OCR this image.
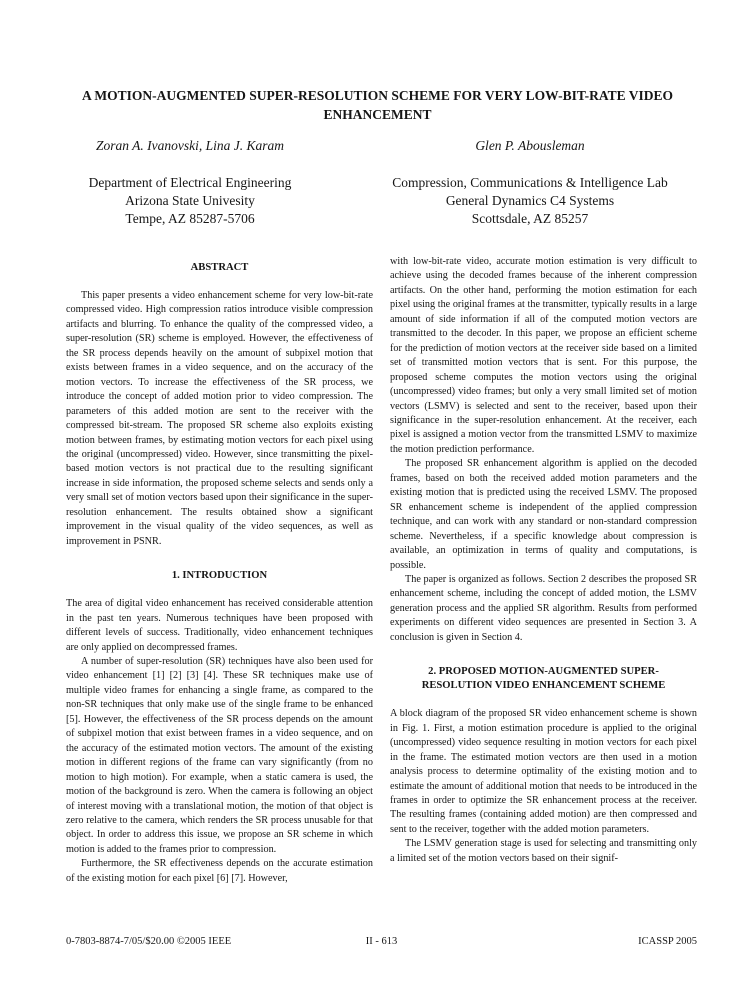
A MOTION-AUGMENTED SUPER-RESOLUTION SCHEME FOR VERY LOW-BIT-RATE VIDEO ENHANCEMENT
Zoran A. Ivanovski, Lina J. Karam	Glen P. Abousleman
Department of Electrical Engineering
Arizona State Univesity
Tempe, AZ 85287-5706
Compression, Communications & Intelligence Lab
General Dynamics C4 Systems
Scottsdale, AZ 85257
ABSTRACT

This paper presents a video enhancement scheme for very low-bit-rate compressed video. High compression ratios introduce visible compression artifacts and blurring. To enhance the quality of the compressed video, a super-resolution (SR) scheme is employed. However, the effectiveness of the SR process depends heavily on the amount of subpixel motion that exists between frames in a video sequence, and on the accuracy of the motion vectors. To increase the effectiveness of the SR process, we introduce the concept of added motion prior to video compression. The parameters of this added motion are sent to the receiver with the compressed bit-stream. The proposed SR scheme also exploits existing motion between frames, by estimating motion vectors for each pixel using the original (uncompressed) video. However, since transmitting the pixel-based motion vectors is not practical due to the resulting significant increase in side information, the proposed scheme selects and sends only a very small set of motion vectors based upon their significance in the super-resolution enhancement. The results obtained show a significant improvement in the visual quality of the video sequences, as well as improvement in PSNR.

1. INTRODUCTION

The area of digital video enhancement has received considerable attention in the past ten years. Numerous techniques have been proposed with different levels of success. Traditionally, video enhancement techniques are only applied on decompressed frames.

A number of super-resolution (SR) techniques have also been used for video enhancement [1] [2] [3] [4]. These SR techniques make use of multiple video frames for enhancing a single frame, as compared to the non-SR techniques that only make use of the single frame to be enhanced [5]. However, the effectiveness of the SR process depends on the amount of subpixel motion that exist between frames in a video sequence, and on the accuracy of the estimated motion vectors. The amount of the existing motion in different regions of the frame can vary significantly (from no motion to high motion). For example, when a static camera is used, the motion of the background is zero. When the camera is following an object of interest moving with a translational motion, the motion of that object is zero relative to the camera, which renders the SR process unusable for that object. In order to address this issue, we propose an SR scheme in which motion is added to the frames prior to compression.

Furthermore, the SR effectiveness depends on the accurate estimation of the existing motion for each pixel [6] [7]. However,

with low-bit-rate video, accurate motion estimation is very difficult to achieve using the decoded frames because of the inherent compression artifacts. On the other hand, performing the motion estimation for each pixel using the original frames at the transmitter, typically results in a large amount of side information if all of the computed motion vectors are transmitted to the decoder. In this paper, we propose an efficient scheme for the prediction of motion vectors at the receiver side based on a limited set of transmitted motion vectors that is sent. For this purpose, the proposed scheme computes the motion vectors using the original (uncompressed) video frames; but only a very small limited set of motion vectors (LSMV) is selected and sent to the receiver, based upon their significance in the super-resolution enhancement. At the receiver, each pixel is assigned a motion vector from the transmitted LSMV to maximize the motion prediction performance.

The proposed SR enhancement algorithm is applied on the decoded frames, based on both the received added motion parameters and the existing motion that is predicted using the received LSMV. The proposed SR enhancement scheme is independent of the applied compression technique, and can work with any standard or non-standard compression scheme. Nevertheless, if a specific knowledge about compression is available, an optimization in terms of quality and computations, is possible.

The paper is organized as follows. Section 2 describes the proposed SR enhancement scheme, including the concept of added motion, the LSMV generation process and the applied SR algorithm. Results from performed experiments on different video sequences are presented in Section 3. A conclusion is given in Section 4.

2. PROPOSED MOTION-AUGMENTED SUPER-RESOLUTION VIDEO ENHANCEMENT SCHEME

A block diagram of the proposed SR video enhancement scheme is shown in Fig. 1. First, a motion estimation procedure is applied to the original (uncompressed) video sequence resulting in motion vectors for each pixel in the frame. The estimated motion vectors are then used in a motion analysis process to determine optimality of the existing motion and to estimate the amount of additional motion that needs to be introduced in the frames in order to optimize the SR enhancement process at the receiver. The resulting frames (containing added motion) are then compressed and sent to the receiver, together with the added motion parameters.

The LSMV generation stage is used for selecting and transmitting only a limited set of the motion vectors based on their signif-

II - 613
0-7803-8874-7/05/$20.00 ©2005 IEEE	ICASSP 2005
